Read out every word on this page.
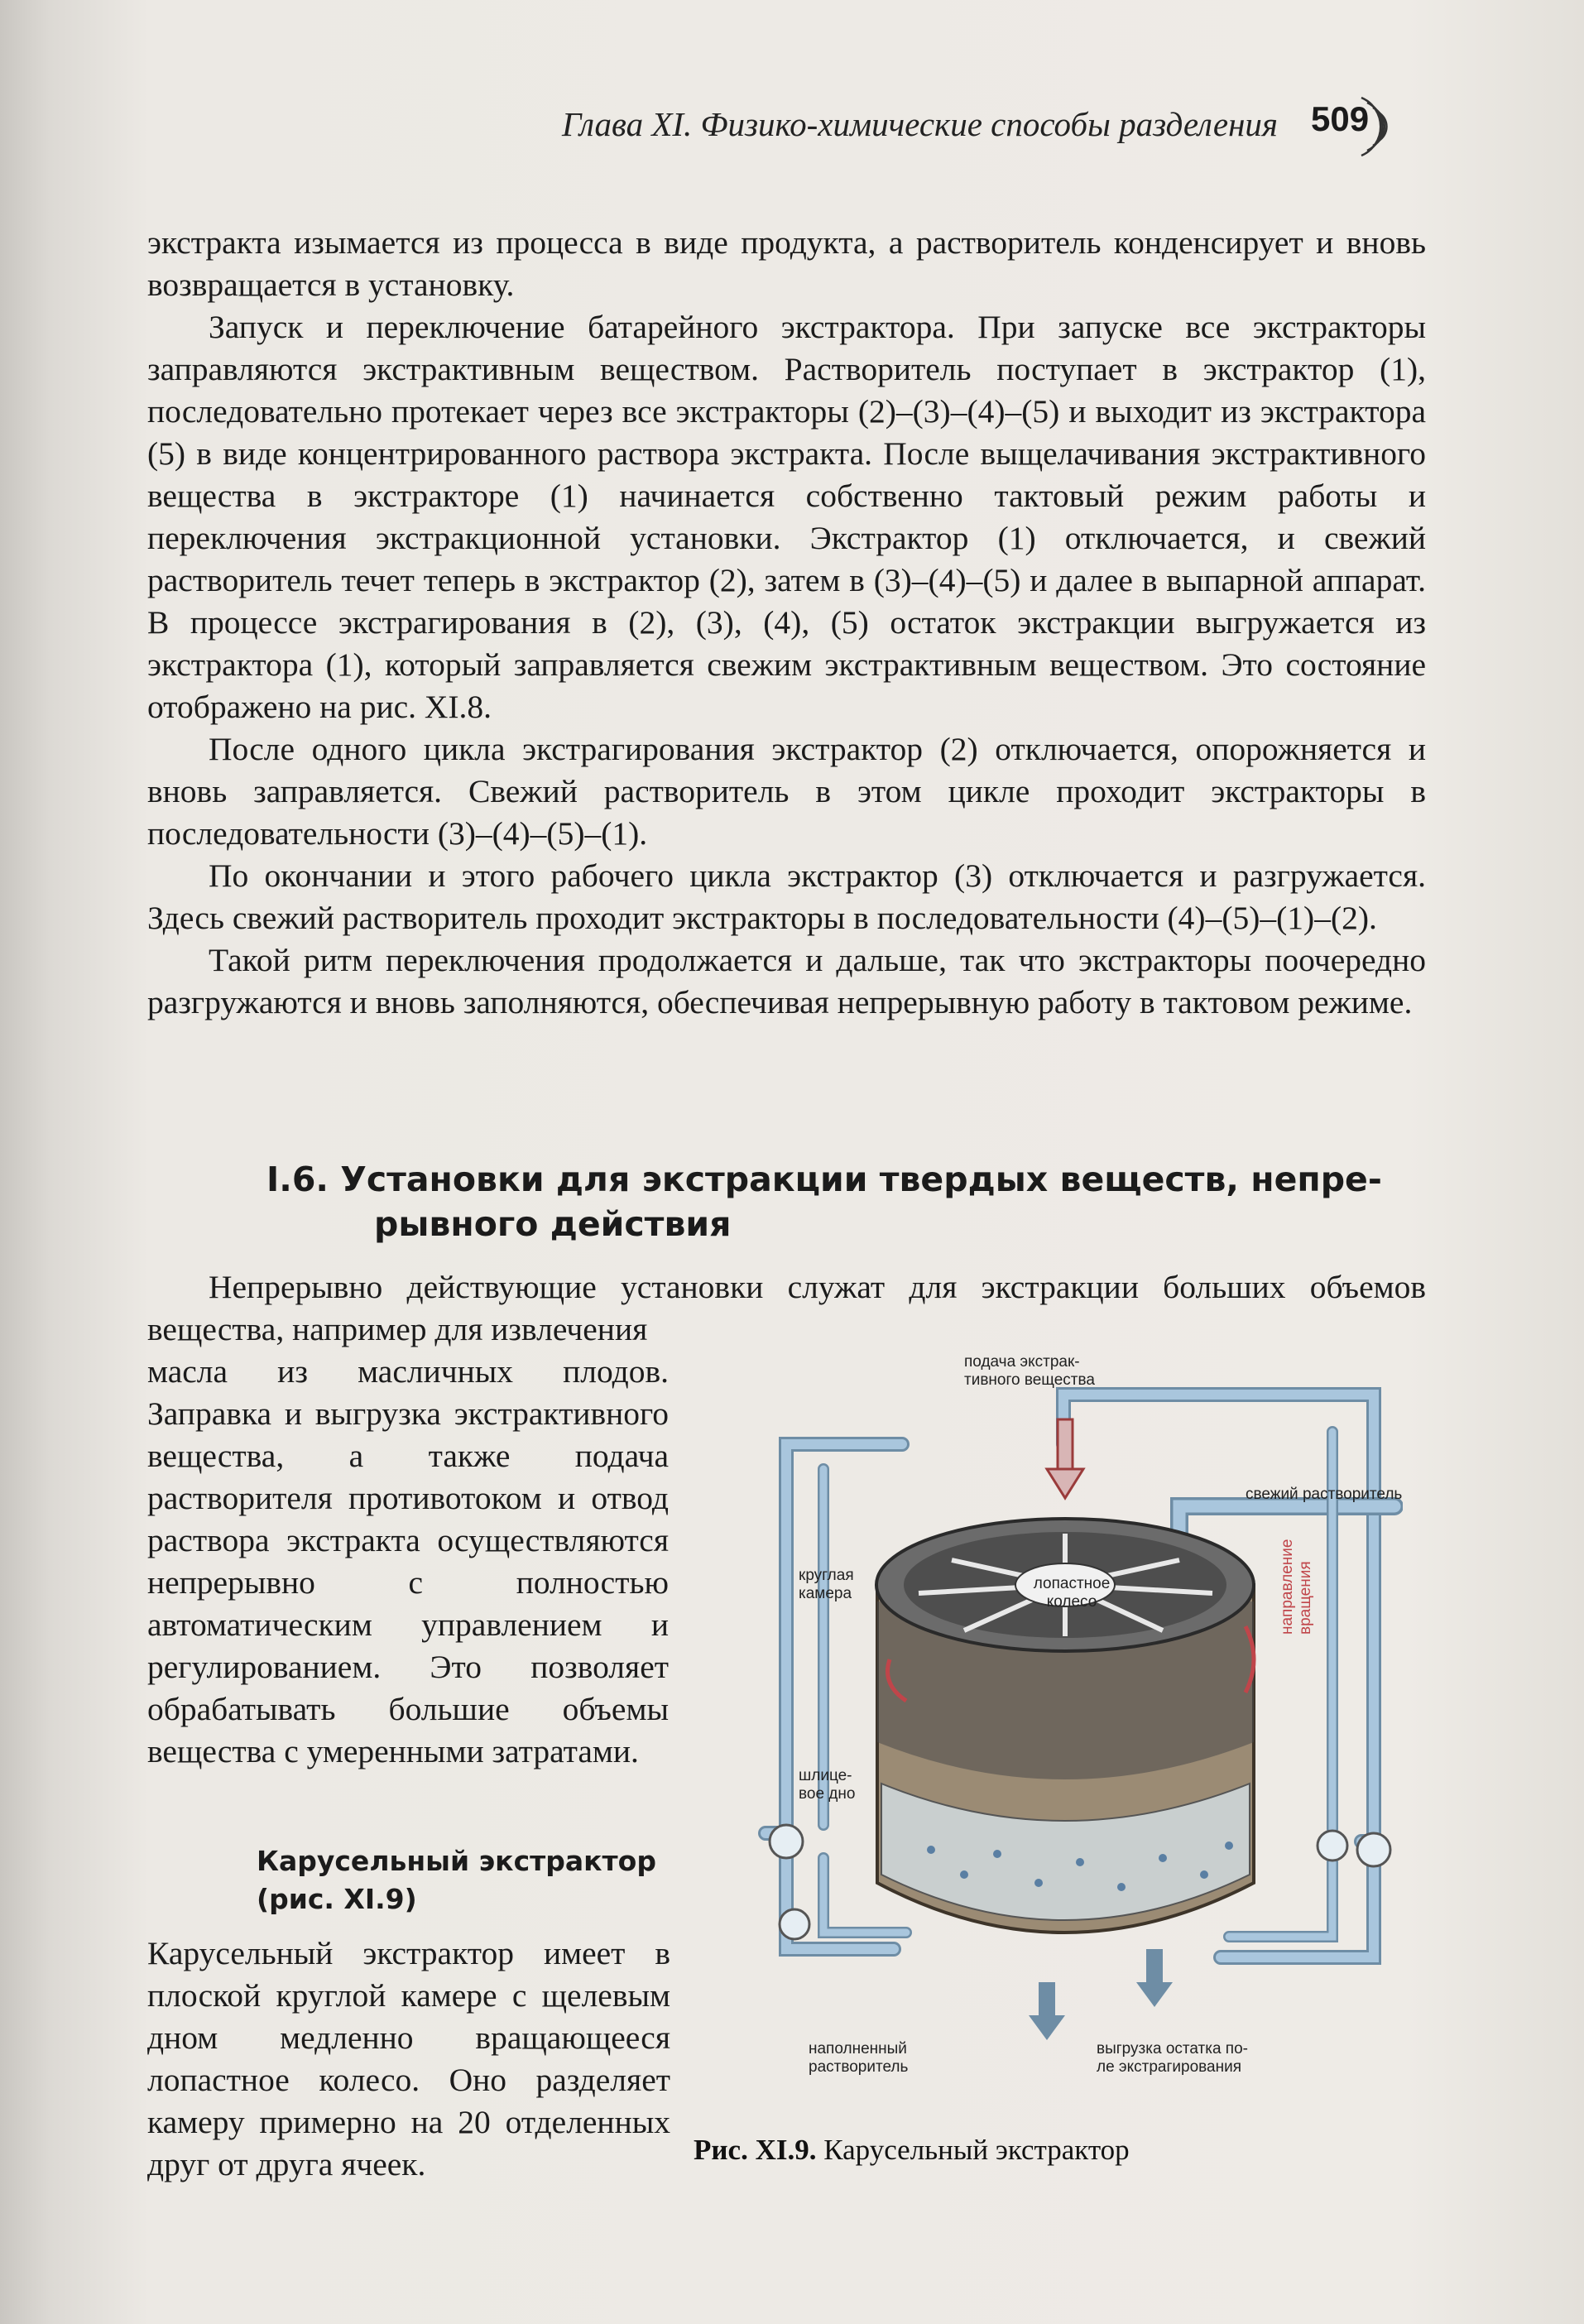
Глава XI. Физико-химические способы разделения 509

экстракта изымается из процесса в виде продукта, а растворитель конденсирует и вновь возвращается в установку.

Запуск и переключение батарейного экстрактора. При запуске все экстракторы заправляются экстрактивным веществом. Растворитель поступает в экстрактор (1), последовательно протекает через все экстракторы (2)–(3)–(4)–(5) и выходит из экстрактора (5) в виде концентрированного раствора экстракта. После выщелачивания экстрактивного вещества в экстракторе (1) начинается собственно тактовый режим работы и переключения экстракционной установки. Экстрактор (1) отключается, и свежий растворитель течет теперь в экстрактор (2), затем в (3)–(4)–(5) и далее в выпарной аппарат. В процессе экстрагирования в (2), (3), (4), (5) остаток экстракции выгружается из экстрактора (1), который заправляется свежим экстрактивным веществом. Это состояние отображено на рис. XI.8.

После одного цикла экстрагирования экстрактор (2) отключается, опорожняется и вновь заправляется. Свежий растворитель в этом цикле проходит экстракторы в последовательности (3)–(4)–(5)–(1).

По окончании и этого рабочего цикла экстрактор (3) отключается и разгружается. Здесь свежий растворитель проходит экстракторы в последовательности (4)–(5)–(1)–(2).

Такой ритм переключения продолжается и дальше, так что экстракторы поочередно разгружаются и вновь заполняются, обеспечивая непрерывную работу в тактовом режиме.

I.6. Установки для экстракции твердых веществ, непре-
рывного действия
Непрерывно действующие установки служат для экстракции больших объемов вещества, например для извлечения
масла из масличных плодов. Заправка и выгрузка экстрактивного вещества, а также подача растворителя противотоком и отвод раствора экстракта осуществляются непрерывно с полностью автоматическим управлением и регулированием. Это позволяет обрабатывать большие объемы вещества с умеренными затратами.
Карусельный экстрактор
(рис. XI.9)
Карусельный экстрактор имеет в плоской круглой камере с щелевым дном медленно вращающееся лопастное колесо. Оно разделяет камеру примерно на 20 отделенных друг от друга ячеек.
подача экстрак-
тивного вещества
свежий растворитель
круглая
камера
лопастное
колесо	направление
вращения
шлице-
вое дно
наполненный
растворитель
выгрузка остатка по-
ле экстрагирования
Рис. XI.9. Карусельный экстрактор
